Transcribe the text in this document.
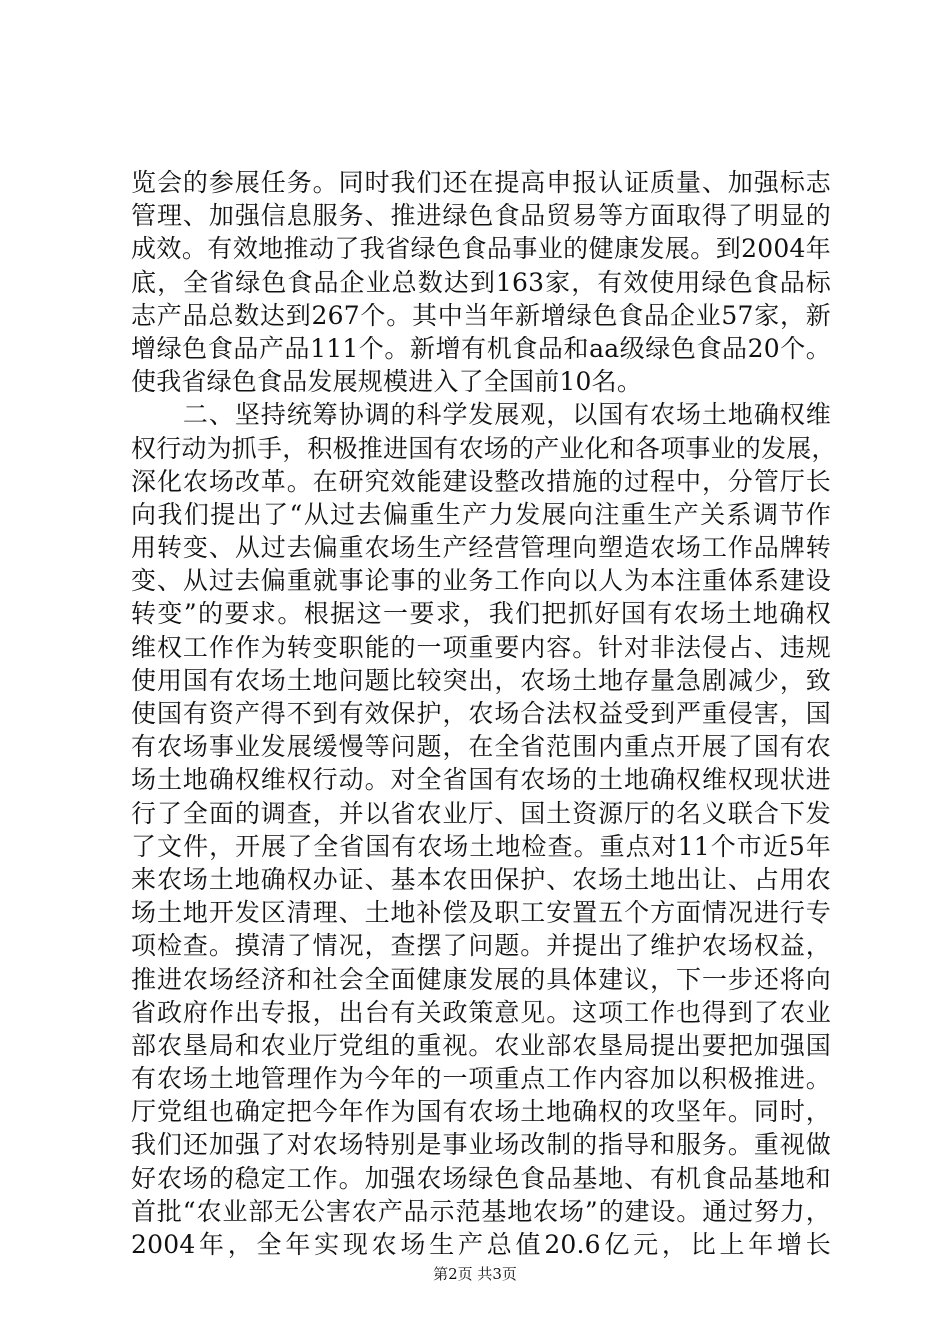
览会的参展任务。同时我们还在提高申报认证质量、加强标志
管理、加强信息服务、推进绿色食品贸易等方面取得了明显的
成效。有效地推动了我省绿色食品事业的健康发展。到2004年
底，全省绿色食品企业总数达到163家，有效使用绿色食品标
志产品总数达到267个。其中当年新增绿色食品企业57家，新
增绿色食品产品111个。新增有机食品和aa级绿色食品20个。
使我省绿色食品发展规模进入了全国前10名。
　　二、坚持统筹协调的科学发展观，以国有农场土地确权维
权行动为抓手，积极推进国有农场的产业化和各项事业的发展，
深化农场改革。在研究效能建设整改措施的过程中，分管厅长
向我们提出了“从过去偏重生产力发展向注重生产关系调节作
用转变、从过去偏重农场生产经营管理向塑造农场工作品牌转
变、从过去偏重就事论事的业务工作向以人为本注重体系建设
转变”的要求。根据这一要求，我们把抓好国有农场土地确权
维权工作作为转变职能的一项重要内容。针对非法侵占、违规
使用国有农场土地问题比较突出，农场土地存量急剧减少，致
使国有资产得不到有效保护，农场合法权益受到严重侵害，国
有农场事业发展缓慢等问题，在全省范围内重点开展了国有农
场土地确权维权行动。对全省国有农场的土地确权维权现状进
行了全面的调查，并以省农业厅、国土资源厅的名义联合下发
了文件，开展了全省国有农场土地检查。重点对11个市近5年
来农场土地确权办证、基本农田保护、农场土地出让、占用农
场土地开发区清理、土地补偿及职工安置五个方面情况进行专
项检查。摸清了情况，查摆了问题。并提出了维护农场权益，
推进农场经济和社会全面健康发展的具体建议，下一步还将向
省政府作出专报，出台有关政策意见。这项工作也得到了农业
部农垦局和农业厅党组的重视。农业部农垦局提出要把加强国
有农场土地管理作为今年的一项重点工作内容加以积极推进。
厅党组也确定把今年作为国有农场土地确权的攻坚年。同时，
我们还加强了对农场特别是事业场改制的指导和服务。重视做
好农场的稳定工作。加强农场绿色食品基地、有机食品基地和
首批“农业部无公害农产品示范基地农场”的建设。通过努力，
2004年，全年实现农场生产总值20.6亿元，比上年增长
第2页 共3页
